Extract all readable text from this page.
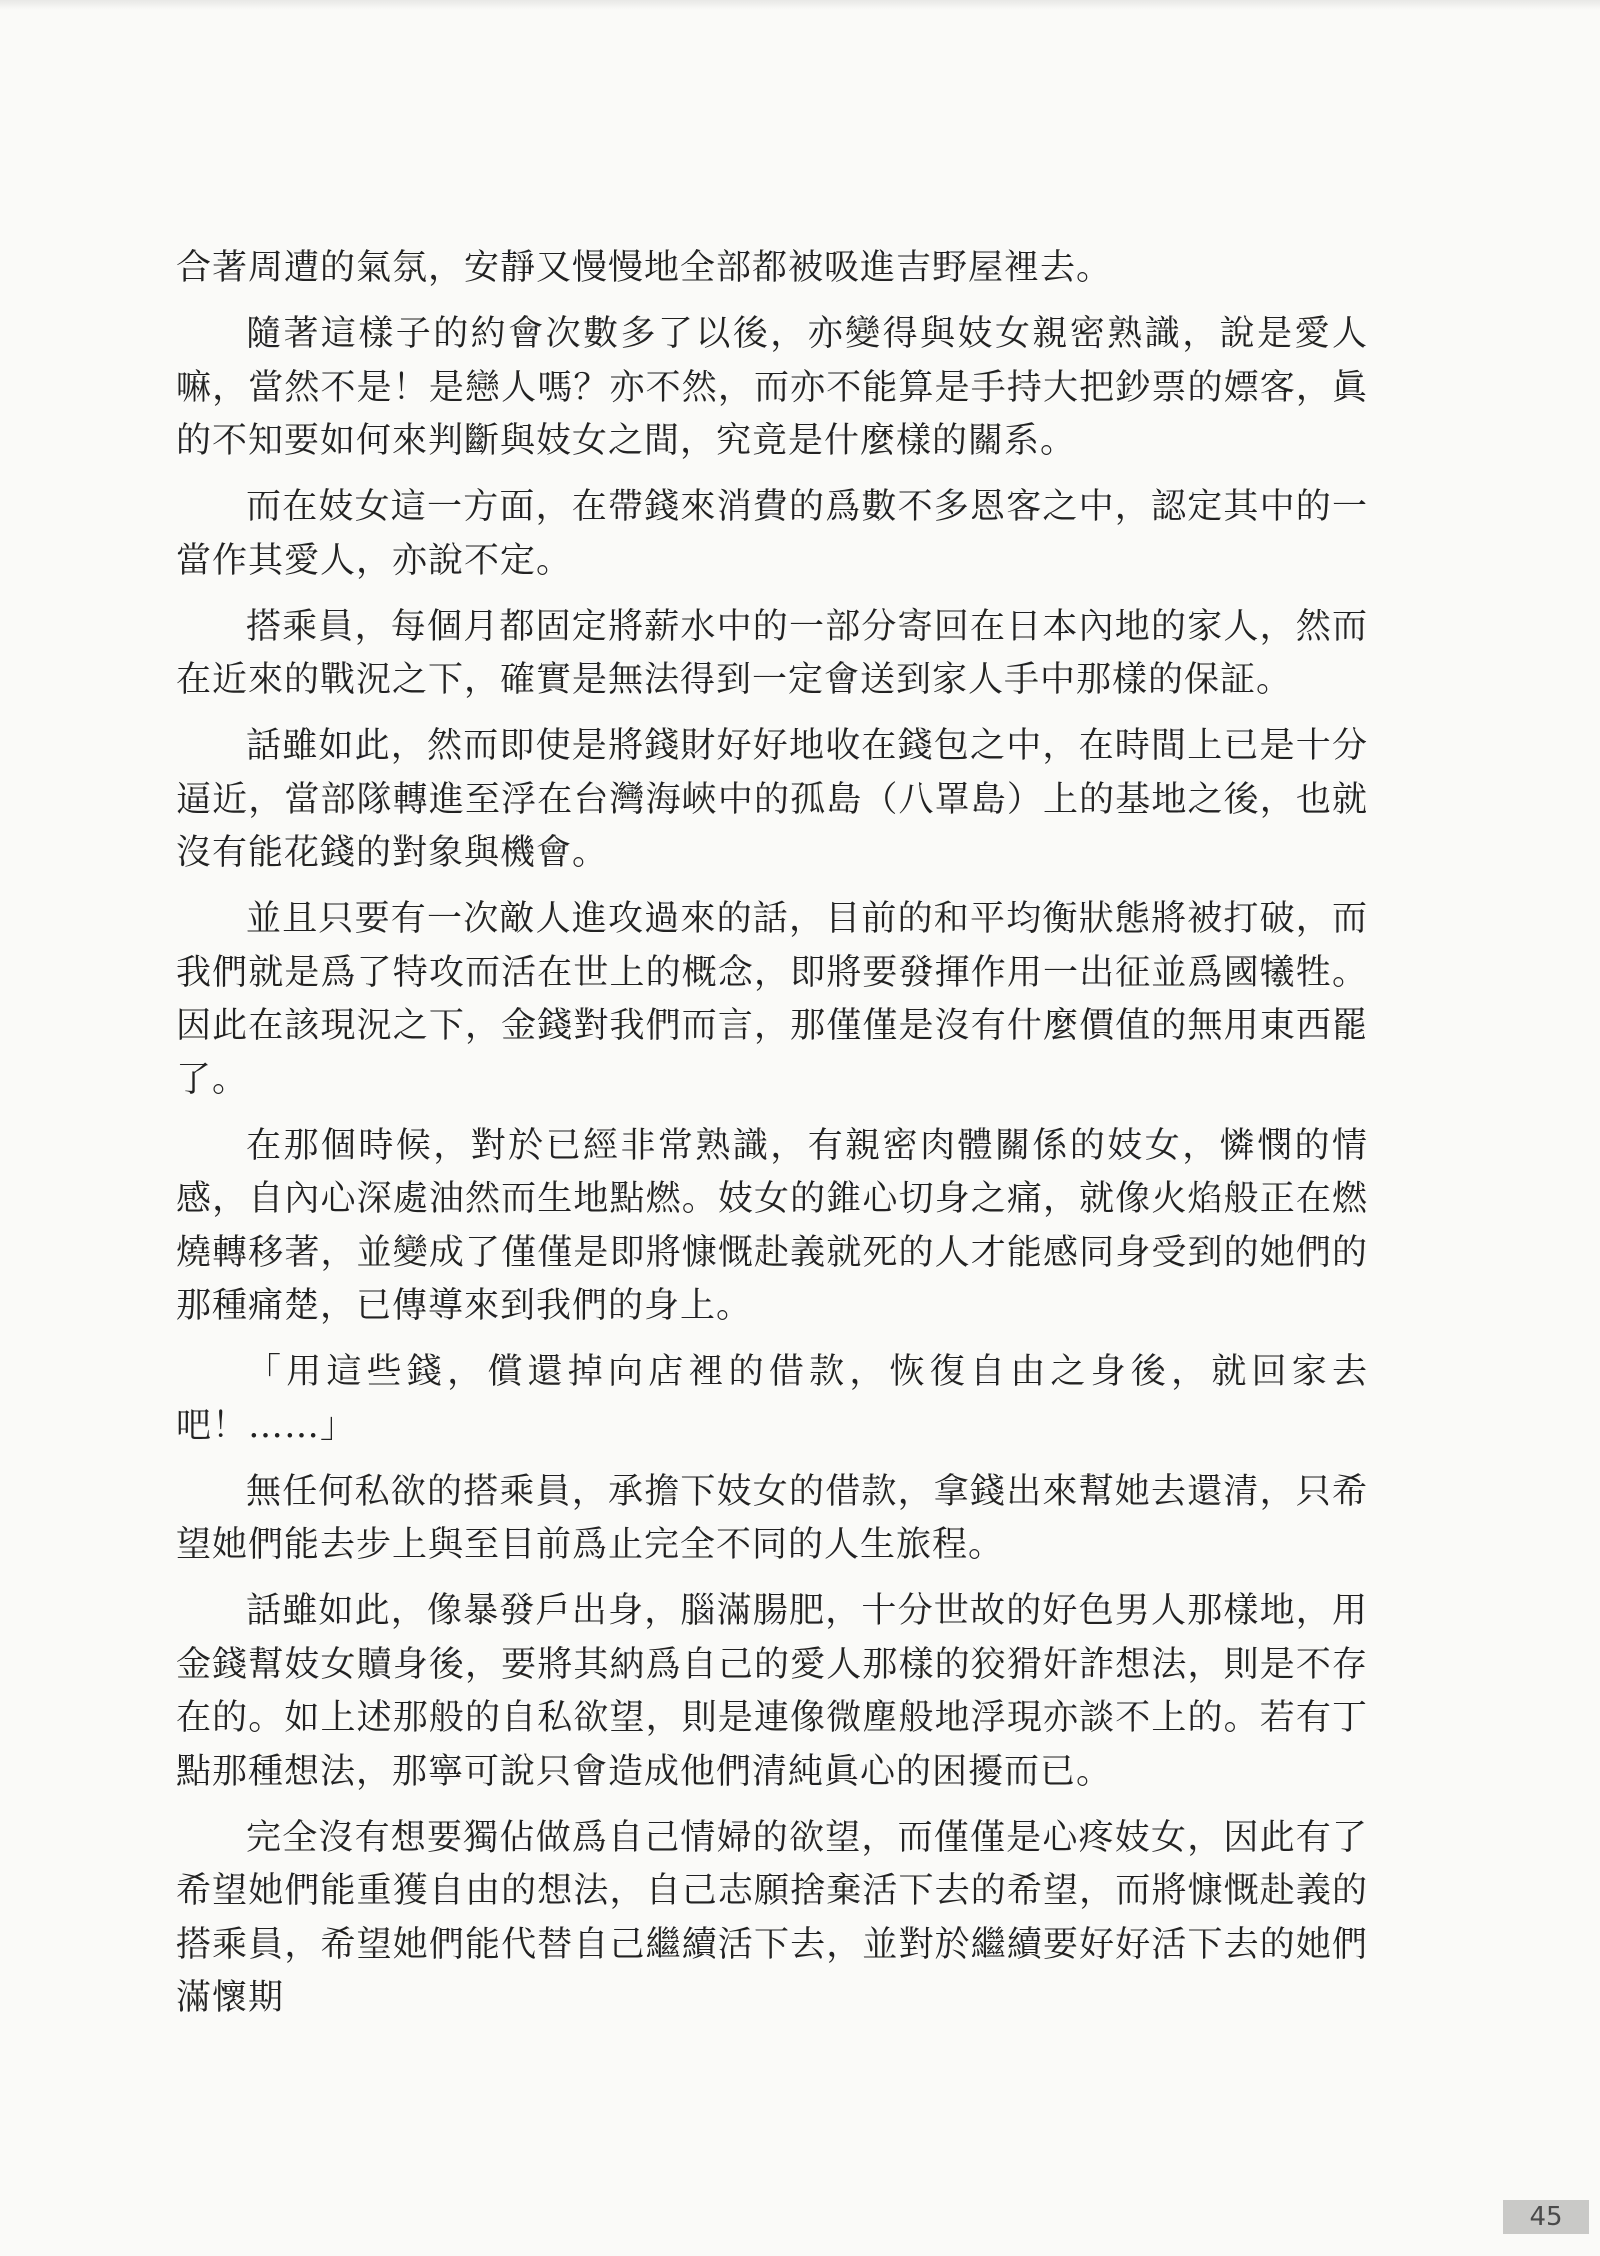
合著周遭的氣氛，安靜又慢慢地全部都被吸進吉野屋裡去。

隨著這樣子的約會次數多了以後，亦變得與妓女親密熟識，說是愛人嘛，當然不是！是戀人嗎？亦不然，而亦不能算是手持大把鈔票的嫖客，眞的不知要如何來判斷與妓女之間，究竟是什麼樣的關系。

而在妓女這一方面，在帶錢來消費的爲數不多恩客之中，認定其中的一當作其愛人，亦說不定。

搭乘員，每個月都固定將薪水中的一部分寄回在日本內地的家人，然而在近來的戰況之下，確實是無法得到一定會送到家人手中那樣的保証。

話雖如此，然而即使是將錢財好好地收在錢包之中，在時間上已是十分逼近，當部隊轉進至浮在台灣海峽中的孤島（八罩島）上的基地之後，也就沒有能花錢的對象與機會。

並且只要有一次敵人進攻過來的話，目前的和平均衡狀態將被打破，而我們就是爲了特攻而活在世上的概念，即將要發揮作用一出征並爲國犧牲。因此在該現況之下，金錢對我們而言，那僅僅是沒有什麼價值的無用東西罷了。

在那個時候，對於已經非常熟識，有親密肉體關係的妓女，憐憫的情感，自內心深處油然而生地點燃。妓女的錐心切身之痛，就像火焰般正在燃燒轉移著，並變成了僅僅是即將慷慨赴義就死的人才能感同身受到的她們的那種痛楚，已傳導來到我們的身上。

「用這些錢，償還掉向店裡的借款，恢復自由之身後，就回家去吧！……」

無任何私欲的搭乘員，承擔下妓女的借款，拿錢出來幫她去還清，只希望她們能去步上與至目前爲止完全不同的人生旅程。

話雖如此，像暴發戶出身，腦滿腸肥，十分世故的好色男人那樣地，用金錢幫妓女贖身後，要將其納爲自己的愛人那樣的狡猾奸詐想法，則是不存在的。如上述那般的自私欲望，則是連像微塵般地浮現亦談不上的。若有丁點那種想法，那寧可說只會造成他們清純眞心的困擾而已。

完全沒有想要獨佔做爲自己情婦的欲望，而僅僅是心疼妓女，因此有了希望她們能重獲自由的想法，自己志願捨棄活下去的希望，而將慷慨赴義的搭乘員，希望她們能代替自己繼續活下去，並對於繼續要好好活下去的她們滿懷期

45
